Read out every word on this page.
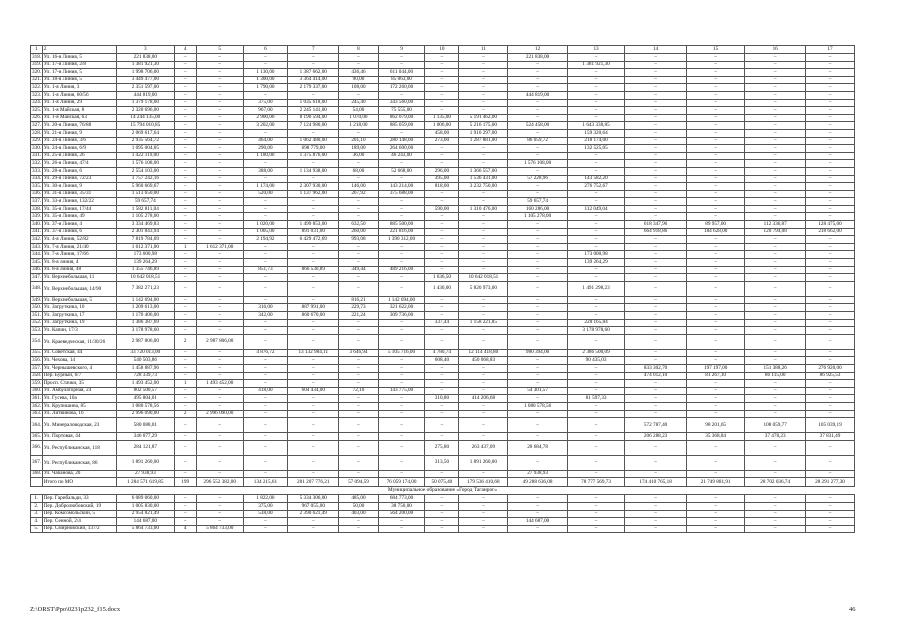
1	2	3	4	5	6	7	8	9	10	11	12	13	14	15	16	17
318.	Ул. 16-я Линия, 5	221 838,00	–	–	–	–	–	–	–	–	221 838,00	–	–	–	–	–
319.	Ул. 17-я Линия, 2/8	1 381 921,30	–	–	–	–	–	–	–	–	–	1 381 921,30	–	–	–	–
320.	Ул. 17-я Линия, 5	1 998 706,00	–	–	1 130,00	1 387 662,00	436,46	611 044,00	–	–	–	–	–	–	–	–
321.	Ул. 18-я Линия, 5	3 449 477,00	–	–	1 300,00	3 364 414,00	90,00	85 063,00	–	–	–	–	–	–	–	–
322.	Ул. 1-я Линия, 3	2 351 597,00	–	–	1 790,00	2 179 337,00	108,00	172 260,00	–	–	–	–	–	–	–	–
323.	Ул. 1-я Линия, 60/56	444 819,00	–	–	–	–	–	–	–	–	444 819,00	–	–	–	–	–
324.	Ул. 1-я Линия, 29	1 379 178,00	–	–	375,00	1 035 618,00	245,40	343 560,00	–	–	–	–	–	–	–	–
325.	Ул. 1-я Майская, 8	2 320 696,00	–	–	967,00	2 245 141,00	54,00	75 555,00	–	–	–	–	–	–	–	–
326.	Ул. 1-я Майская, 63	14 244 135,00	–	–	2 900,00	8 190 594,00	1 070,00	862 079,00	1 135,00	5 191 462,00	–	–	–	–	–	–
327.	Ул. 20-я Линия, 76/88	15 794 010,85	–	–	3 202,00	7 124 980,00	1 218,00	885 059,00	1 006,00	5 216 175,00	524 458,00	1 643 338,85	–	–	–	–
328.	Ул. 21-я Линия, 9	2 069 617,64	–	–	–	–	–	–	458,00	1 910 297,00	–	159 320,64	–	–	–	–
329.	Ул. 24-я Линия, 3/6	2 935 564,72	–	–	464,00	1 062 480,00	201,10	280 148,00	273,00	1 287 881,00	86 059,72	218 174,00	–	–	–	–
330.	Ул. 24-я Линия, 6/9	1 095 004,05	–	–	290,00	698 779,00	189,00	264 600,00	–	–	–	132 525,05	–	–	–	–
331.	Ул. 25-я Линия, 26	1 422 119,00	–	–	1 180,00	1 375 876,00	36,00	46 243,00	–	–	–	–	–	–	–	–
332.	Ул. 26-я Линия, 47/4	1 576 108,00	–	–	–	–	–	–	–	–	1 576 108,00	–	–	–	–	–
333.	Ул. 28-я Линия, 6	2 554 103,00	–	–	388,00	1 134 938,00	68,00	52 668,00	296,00	1 366 557,00	–	–	–	–	–	–
334.	Ул. 29-я Линия, 72/23	1 757 242,16	–	–	–	–	–	–	395,00	1 536 431,00	57 228,96	143 582,20	–	–	–	–
335.	Ул. 30-я Линия, 9	5 960 669,67	–	–	1 174,00	2 307 930,00	146,00	143 214,00	818,00	3 232 750,00	–	276 752,67	–	–	–	–
336.	Ул. 31-я Линия, 35/31	1 513 650,00	–	–	520,00	1 137 962,00	267,92	375 688,00	–	–	–	–	–	–	–	–
337.	Ул. 33-я Линия, 132/22	59 657,74	–	–	–	–	–	–	–	–	59 657,74	–	–	–	–	–
338.	Ул. 35-я Линия, 17/44	1 582 811,04	–	–	–	–	–	–	590,00	1 310 476,00	160 286,00	112 049,04	–	–	–	–
339.	Ул. 35-я Линия, 49	1 105 278,00	–	–	–	–	–	–	–	–	1 105 278,00	–	–	–	–	–
340.	Ул. 37-я Линия, 4	3 334 469,83	–	–	1 020,00	1 499 853,00	632,50	885 500,00	–	–	–	–	618 347,96	89 957,00	112 336,87	128 475,00
341.	Ул. 37-я Линия, 6	2 301 843,94	–	–	1 005,00	891 031,00	260,00	221 816,00	–	–	–	–	664 918,86	184 628,00	120 794,08	218 662,00
342.	Ул. 4-я Линия, 52/82	7 819 784,09	–	–	2 194,92	6 429 472,69	993,08	1 390 312,00	–	–	–	–	–	–	–	–
343.	Ул. 7-я Линия, 21/40	1 612 371,00	1	1 612 371,00	–	–	–	–	–	–	–	–	–	–	–	–
344.	Ул. 7-я Линия, 17/66	173 000,98	–	–	–	–	–	–	–	–	–	173 000,98	–	–	–	–
345.	Ул. 8-я линия, 4	139 264,29	–	–	–	–	–	–	–	–	–	139 264,29	–	–	–	–
346.	Ул. 8-я линия, 48	1 355 746,89	–	–	851,73	866 530,89	349,44	489 216,00	–	–	–	–	–	–	–	–
347.	Ул. Верхнебольшая, 11	10 642 018,51	–	–	–	–	–	–	1 636,50	10 642 018,51	–	–	–	–	–	–
348.	Ул. Верхнебольшая, 14/90	7 382 271,23	–	–	–	–	–	–	1 430,00	5 820 973,00	–	1 491 298,23	–	–	–	–
349.	Ул. Верхнебольшая, 5	1 142 694,00	–	–	–	–	816,21	1 142 694,00	–	–	–	–	–	–	–	–
350.	Ул. Загруткина, 10	1 209 613,00	–	–	316,00	887 991,00	229,73	321 622,00	–	–	–	–	–	–	–	–
351.	Ул. Загруткина, 17	1 170 406,00	–	–	342,00	860 670,00	221,24	309 736,00	–	–	–	–	–	–	–	–
352.	Ул. Загруткина, 19	1 386 387,69	–	–	–	–	–	–	337,44	1 158 221,85	–	228 165,84	–	–	–	–
353.	Ул. Капин, 17/3	3 178 978,60	–	–	–	–	–	–	–	–	–	3 178 978,60	–	–	–	–
354.	Ул. Краеведческая, 11/30/26	2 987 806,00	2	2 987 806,00	–	–	–	–	–	–	–	–	–	–	–	–
355.	Ул. Советская, 44	33 720 013,00	–	–	4 876,72	13 132 984,11	3 646,94	5 105 716,00	4 780,74	12 114 418,80	980 394,00	2 386 500,09	–	–	–	–
356.	Ул. Чехова, 14	540 503,86	–	–	–	–	–	–	608,40	450 068,83	–	90 435,03	–	–	–	–
357.	Ул. Чернышевского, 4	1 458 887,96	–	–	–	–	–	–	–	–	–	–	833 302,70	197 197,00	151 388,26	276 920,00
358.	Пер. Бурный, 6/7	728 339,73	–	–	–	–	–	–	–	–	–	–	474 012,10	81 267,10	86 115,00	86 925,53
359.	Просп. Стачки, 35	1 493 452,00	1	1 493 452,00	–	–	–	–	–	–	–	–	–	–	–	–
360.	Ул. Амбулаторная, 24	802 500,57	–	–	418,00	604 434,00	72,10	143 775,00	–	–	54 301,57	–	–	–	–	–
361.	Ул. Гусева, 10а	495 804,01	–	–	–	–	–	–	310,80	414 206,68	–	81 597,33	–	–	–	–
362.	Ул. Крупишина, 85	1 080 578,56	–	–	–	–	–	–	–	–	1 080 578,56	–	–	–	–	–
363.	Ул. Литвинова, 16	2 996 090,00	2	2 996 090,00	–	–	–	–	–	–	–	–	–	–	–	–
364.	Ул. Минераловодская, 23	580 088,01	–	–	–	–	–	–	–	–	–	–	572 787,40	98 201,65	108 059,77	105 039,19
365.	Ул. Портовая, 44	346 077,29	–	–	–	–	–	–	–	–	–	–	206 288,23	35 368,84	37 478,23	37 831,49
366.	Ул. Республиканская, 118	284 121,87	–	–	–	–	–	–	275,80	263 437,09	20 684,78	–	–	–	–	–
367.	Ул. Республиканская, 86	1 891 260,00	–	–	–	–	–	–	313,50	1 891 260,00	–	–	–	–	–	–
368.	Ул. Чабанова, 20	27 938,93	–	–	–	–	–	–	–	–	27 938,93	–	–	–	–	–
	Итого по МО	1 284 571 619,85	199	296 552 382,00	134 215,61	281 207 776,21	57 094,59	76 059 174,00	50 075,40	179 536 410,68	49 288 636,08	78 777 569,73	174 410 765,18	21 749 881,91	28 702 036,74	28 291 277,30
Муниципальное образование «Город Таганрог»																
1.	Пер. Гарибальди, 33	6 089 060,00	–	–	1 822,00	5 334 306,00	485,00	684 773,00	–	–	–	–	–	–	–	–
2.	Пер. Добролюбовский, 19	1 005 830,00	–	–	375,00	967 055,00	50,00	38 750,00	–	–	–	–	–	–	–	–
3.	Пер. Комсомольский, 5	2 954 821,49	–	–	538,00	2 390 621,49	403,00	564 200,00	–	–	–	–	–	–	–	–
4.	Пер. Сенной, 2/4	144 687,00	–	–	–	–	–	–	–	–	144 687,00	–	–	–	–	–
5.	Пер. Смирновский, 137/2	5 864 733,00	4	5 864 733,00	–	–	–	–	–	–	–	–	–	–	–	–
Z:\ORST\Ppo\0231p232_f15.docx	46
